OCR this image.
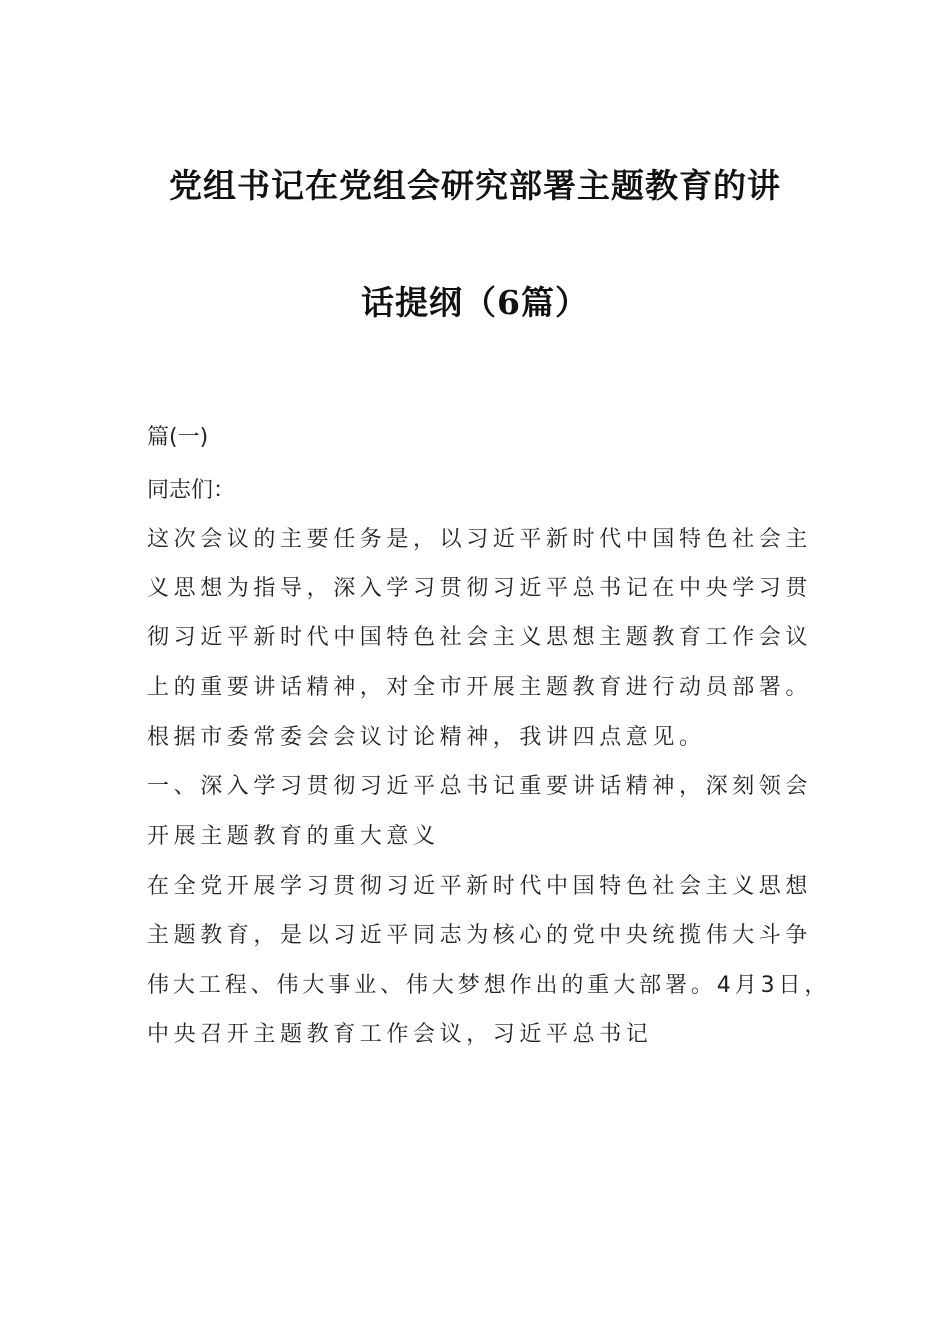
党组书记在党组会研究部署主题教育的讲
话提纲（6篇）
篇(一)
同志们：
这次会议的主要任务是，以习近平新时代中国特色社会主
义思想为指导，深入学习贯彻习近平总书记在中央学习贯
彻习近平新时代中国特色社会主义思想主题教育工作会议
上的重要讲话精神，对全市开展主题教育进行动员部署。
根据市委常委会会议讨论精神，我讲四点意见。
一、深入学习贯彻习近平总书记重要讲话精神，深刻领会
开展主题教育的重大意义
在全党开展学习贯彻习近平新时代中国特色社会主义思想
主题教育，是以习近平同志为核心的党中央统揽伟大斗争
伟大工程、伟大事业、伟大梦想作出的重大部署。4月3日，
中央召开主题教育工作会议，习近平总书记
